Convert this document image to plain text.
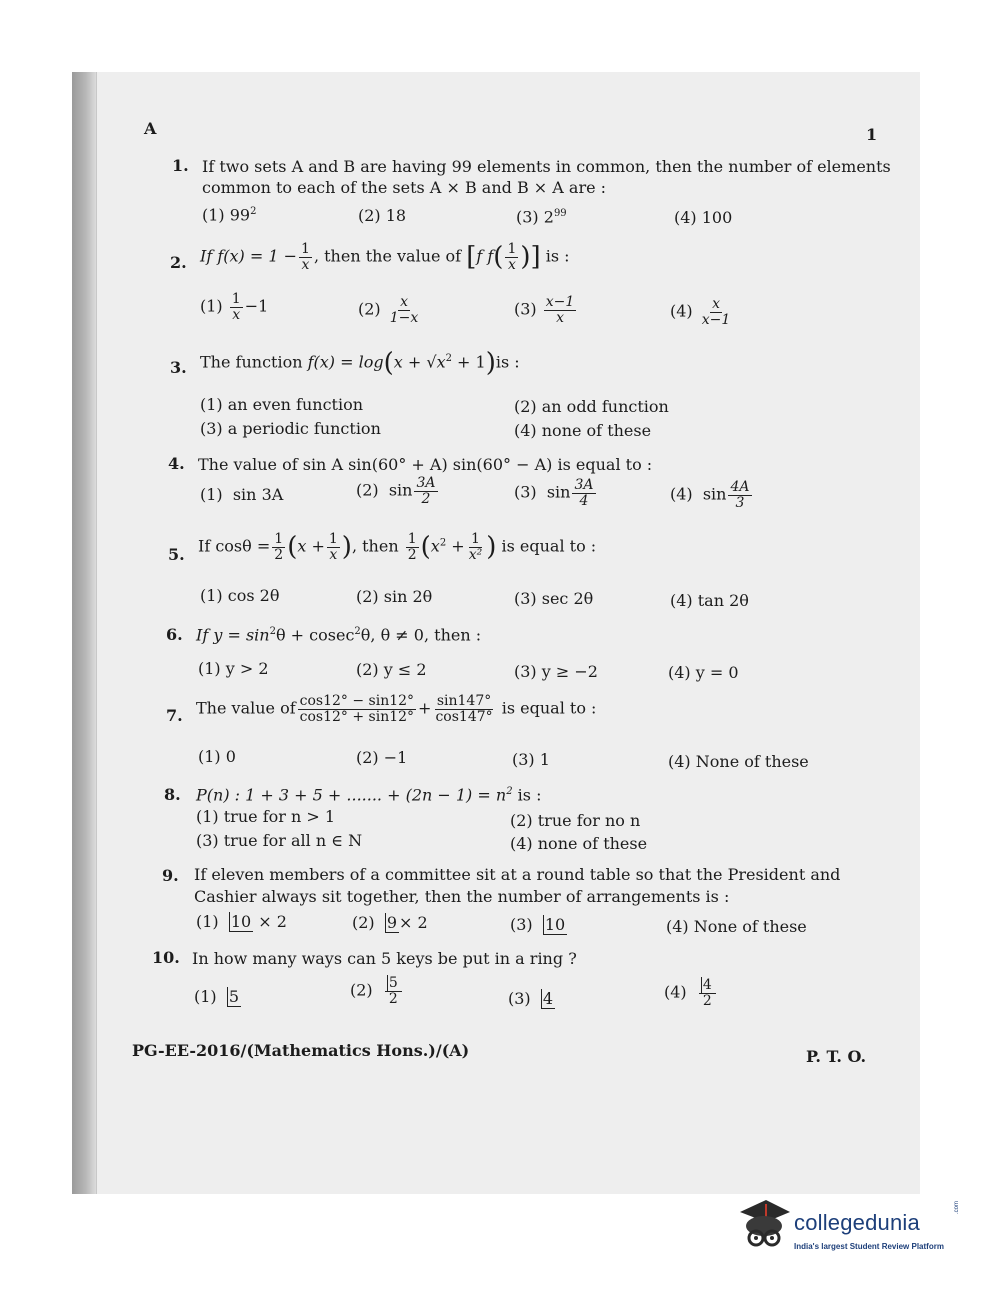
A	1
1. If two sets A and B are having 99 elements in common, then the number of elements
common to each of the sets A × B and B × A are :
(1) $99^2$	(2) 18	(3) $2^{99}$	(4) 100
2. If $f(x) = 1 - \frac{1}{x}$ , then the value of [f $f( \frac{1}{x}$ )] is :
$(1) \frac{1}{x} -1$	$(2) \frac{x}{1-x}$	$(3) \frac{x-1}{x}$	$(4) \frac{x}{x-1}$
3. The function $f(x) = \log(x + √x^2 + 1)is$ :
(1) an even function	(2) an odd function
(3) a periodic function	(4) none of these
4. The value of sin A sin(60° + A) sin(60° − A) is equal to :
(1) sin 3A	(2) $\sin \frac{3A}{2}$	(3) $\sin \frac{3A}{4}$	(4) $\sin \frac{4A}{3}$
5. If $\cos\theta = \frac{1}{2} (x + \frac{1}{x}$ ), then $\frac{1}{2} (x^2 + \frac{1}{\text{x²}}$ ) is equal to :
(1) cos 2θ	(2) sin 2θ	(3) sec 2θ	(4) tan 2θ
6. If $y = \sin^2\theta + cosec^2\theta$, θ ≠ 0, then :
(1) y > 2	(2) y ≤ 2	(3) y ≥ −2	(4) y = 0
7. The value of $\frac{\cos 12^\circ - \sin 12^\circ}{\cos 12^\circ + \sin 12^\circ} + \frac{\sin 147^\circ}{\cos 147^\circ}$ is equal to :
(1) 0	(2) −1	(3) 1	(4) None of these
8. P(n) : 1 + 3 + 5 + ....... + $(2n - 1) = n^2$ is :
(1) true for n > 1	(2) true for no n
(3) true for all n ∈ N	(4) none of these
9. If eleven members of a committee sit at a round table so that the President and
Cashier always sit together, then the number of arrangements is :
(1) 10 × 2	(2) 9 × 2	(3) 10	(4) None of these
10. In how many ways can 5 keys be put in a ring ?
(1) 5	$(2) \frac{5}{2}$	(3) 4	$(4) \frac{4}{2}$
PG-EE-2016/(Mathematics Hons.)/(A)	P. T. O.
collegedunia
.com
India's largest Student Review Platform
